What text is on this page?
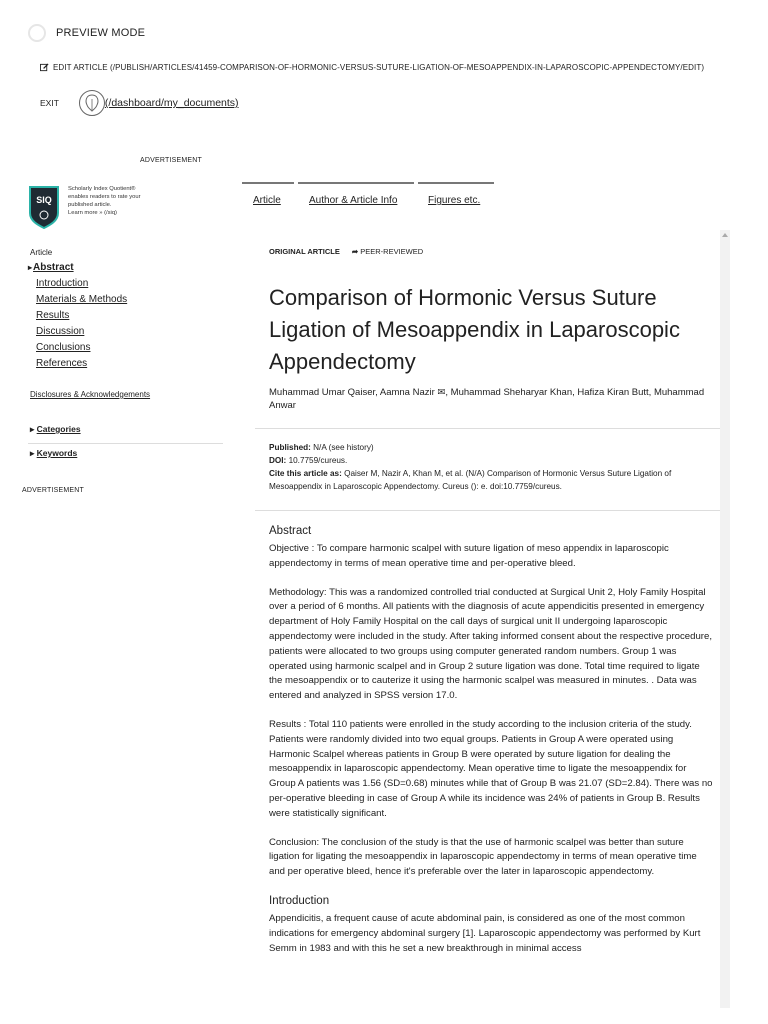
PREVIEW MODE
EDIT ARTICLE (/PUBLISH/ARTICLES/41459-COMPARISON-OF-HORMONIC-VERSUS-SUTURE-LIGATION-OF-MESOAPPENDIX-IN-LAPAROSCOPIC-APPENDECTOMY/EDIT)
EXIT	(/dashboard/my_documents)
ADVERTISEMENT
SIQ
Scholarly Index Quotient®
enables readers to rate your
published article.
Learn more » (/siq)
Article
▸ Abstract
Introduction
Materials & Methods
Results
Discussion
Conclusions
References
Disclosures & Acknowledgements
▸ Categories
▸ Keywords
ADVERTISEMENT
Article	Author & Article Info	Figures etc.
ORIGINAL ARTICLE ➦ PEER-REVIEWED
Comparison of Hormonic Versus Suture Ligation of Mesoappendix in Laparoscopic Appendectomy
Muhammad Umar Qaiser, Aamna Nazir ✉, Muhammad Sheharyar Khan, Hafiza Kiran Butt, Muhammad Anwar
Published: N/A (see history)
DOI: 10.7759/cureus.
Cite this article as: Qaiser M, Nazir A, Khan M, et al. (N/A) Comparison of Hormonic Versus Suture Ligation of Mesoappendix in Laparoscopic Appendectomy. Cureus (): e. doi:10.7759/cureus.
Abstract

Objective : To compare harmonic scalpel with suture ligation of meso appendix in laparoscopic appendectomy in terms of mean operative time and per-operative bleed.

Methodology: This was a randomized controlled trial conducted at Surgical Unit 2, Holy Family Hospital over a period of 6 months. All patients with the diagnosis of acute appendicitis presented in emergency department of Holy Family Hospital on the call days of surgical unit II undergoing laparoscopic appendectomy were included in the study. After taking informed consent about the respective procedure, patients were allocated to two groups using computer generated random numbers. Group 1 was operated using harmonic scalpel and in Group 2 suture ligation was done. Total time required to ligate the mesoappendix or to cauterize it using the harmonic scalpel was measured in minutes. . Data was entered and analyzed in SPSS version 17.0.

Results : Total 110 patients were enrolled in the study according to the inclusion criteria of the study. Patients were randomly divided into two equal groups. Patients in Group A were operated using Harmonic Scalpel whereas patients in Group B were operated by suture ligation for dealing the mesoappendix in laparoscopic appendectomy. Mean operative time to ligate the mesoappendix for Group A patients was 1.56 (SD=0.68) minutes while that of Group B was 21.07 (SD=2.84). There was no per-operative bleeding in case of Group A while its incidence was 24% of patients in Group B. Results were statistically significant.

Conclusion: The conclusion of the study is that the use of harmonic scalpel was better than suture ligation for ligating the mesoappendix in laparoscopic appendectomy in terms of mean operative time and per operative bleed, hence it's preferable over the later in laparoscopic appendectomy.

Introduction

Appendicitis, a frequent cause of acute abdominal pain, is considered as one of the most common indications for emergency abdominal surgery [1]. Laparoscopic appendectomy was performed by Kurt Semm in 1983 and with this he set a new breakthrough in minimal access
